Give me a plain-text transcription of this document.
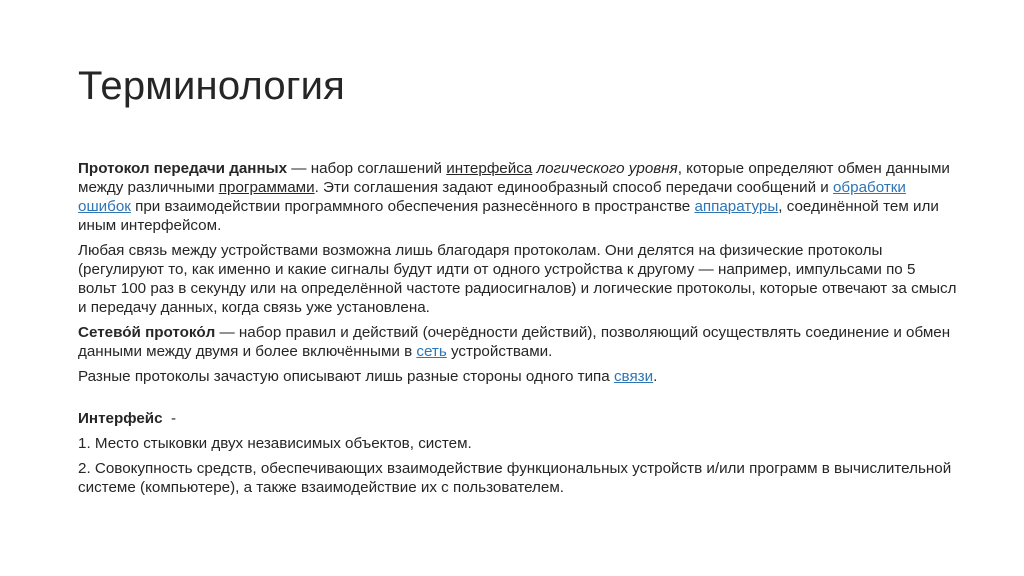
Терминология

Протокол передачи данных — набор соглашений интерфейса логического уровня, которые определяют обмен данными между различными программами. Эти соглашения задают единообразный способ передачи сообщений и обработки ошибок при взаимодействии программного обеспечения разнесённого в пространстве аппаратуры, соединённой тем или иным интерфейсом.

Любая связь между устройствами возможна лишь благодаря протоколам. Они делятся на физические протоколы (регулируют то, как именно и какие сигналы будут идти от одного устройства к другому — например, импульсами по 5 вольт 100 раз в секунду или на определённой частоте радиосигналов) и логические протоколы, которые отвечают за смысл и передачу данных, когда связь уже установлена.

Сетево́й протоко́л — набор правил и действий (очерёдности действий), позволяющий осуществлять соединение и обмен данными между двумя и более включёнными в сеть устройствами.

Разные протоколы зачастую описывают лишь разные стороны одного типа связи.

Интерфейс  -

1. Место стыковки двух независимых объектов, систем.

2. Совокупность средств, обеспечивающих взаимодействие функциональных устройств и/или программ в вычислительной системе (компьютере), а также взаимодействие их с пользователем.
